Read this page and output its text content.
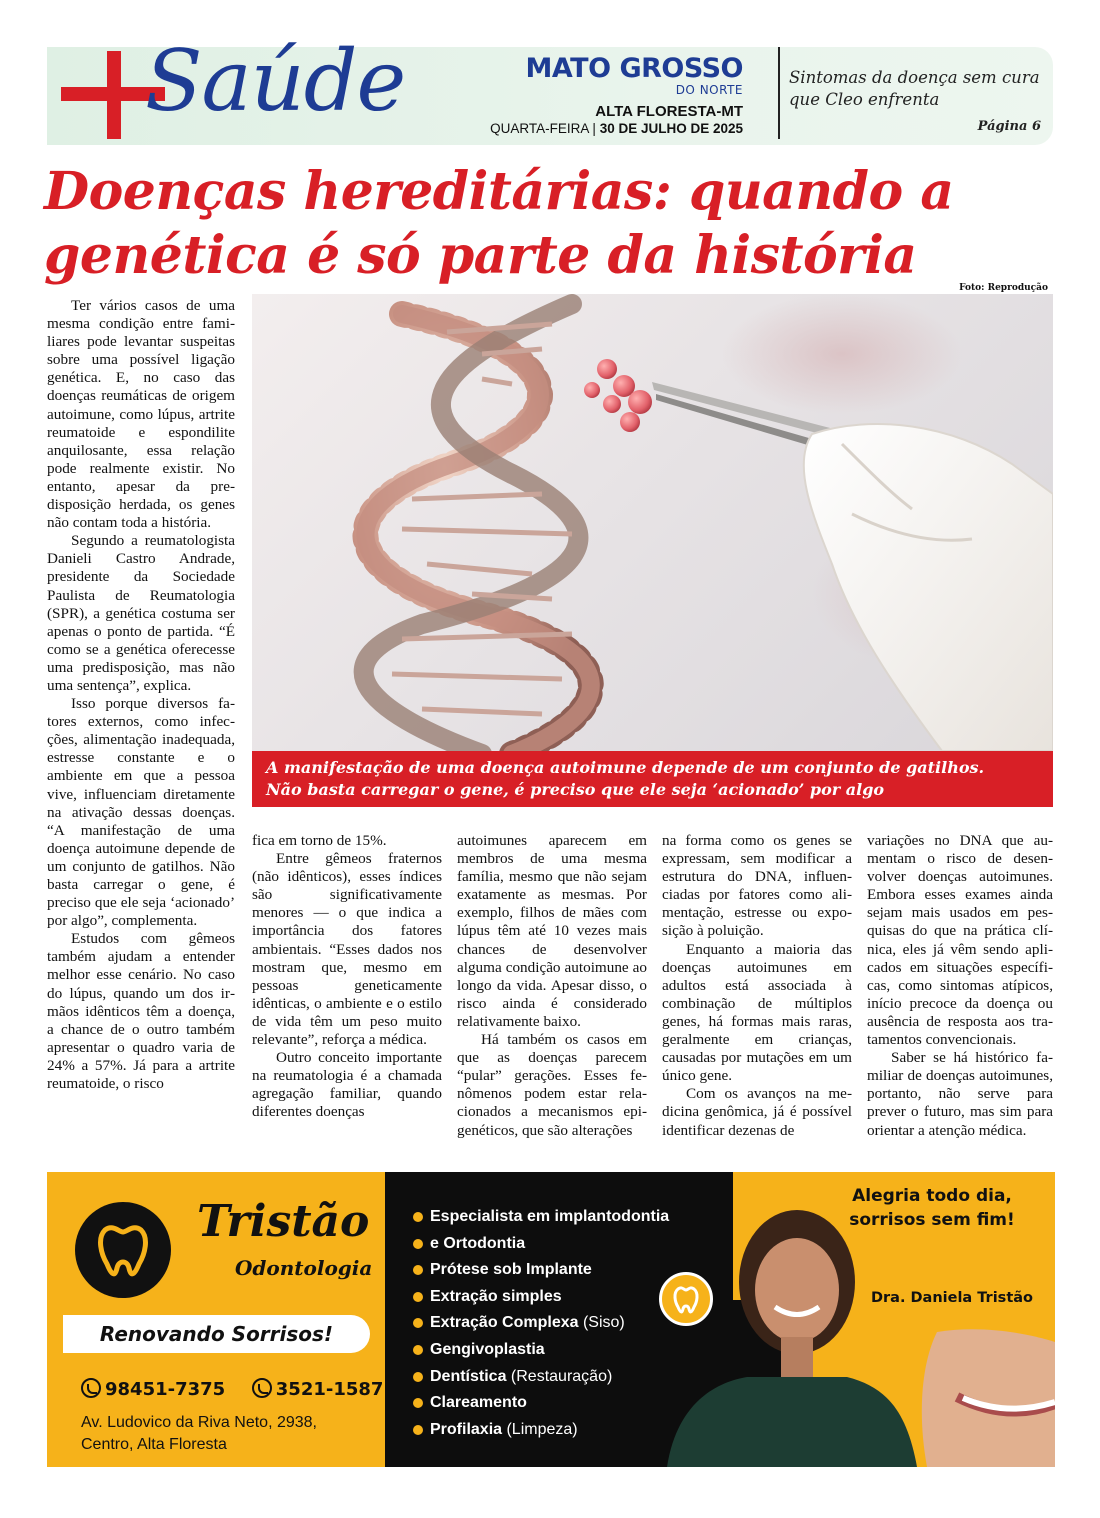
Saúde	MATO GROSSO
DO NORTE
ALTA FLORESTA-MT
QUARTA-FEIRA | 30 DE JULHO DE 2025
Sintomas da doença sem cura que Cleo enfrenta
Página 6
Doenças hereditárias: quando a
genética é só parte da história
Foto: Reprodução
A manifestação de uma doença autoimune depende de um conjunto de gatilhos.
Não basta carregar o gene, é preciso que ele seja ‘acionado’ por algo

Ter vários casos de uma mesma condição entre familiares pode levantar suspeitas sobre uma possível ligação genética. E, no caso das doenças reumáticas de origem autoimune, como lúpus, artrite reumatoide e espondilite anquilosante, essa relação pode realmente existir. No entanto, apesar da predisposição herdada, os genes não contam toda a história.

Segundo a reumatologista Danieli Castro Andrade, presidente da Sociedade Paulista de Reumatologia (SPR), a genética costuma ser apenas o ponto de partida. “É como se a genética oferecesse uma predisposição, mas não uma sentença”, explica.

Isso porque diversos fatores externos, como infecções, alimentação inadequada, estresse constante e o ambiente em que a pessoa vive, influenciam diretamente na ativação dessas doenças. “A manifestação de uma doença autoimune depende de um conjunto de gatilhos. Não basta carregar o gene, é preciso que ele seja ‘acionado’ por algo”, complementa.

Estudos com gêmeos também ajudam a entender melhor esse cenário. No caso do lúpus, quando um dos irmãos idênticos têm a doença, a chance de o outro também apresentar o quadro varia de 24% a 57%. Já para a artrite reumatoide, o risco

fica em torno de 15%.

Entre gêmeos fraternos (não idênticos), esses índices são significativamente menores — o que indica a importância dos fatores ambientais. “Esses dados nos mostram que, mesmo em pessoas geneticamente idênticas, o ambiente e o estilo de vida têm um peso muito relevante”, reforça a médica.

Outro conceito importante na reumatologia é a chamada agregação familiar, quando diferentes doenças

autoimunes aparecem em membros de uma mesma família, mesmo que não sejam exatamente as mesmas. Por exemplo, filhos de mães com lúpus têm até 10 vezes mais chances de desenvolver alguma condição autoimune ao longo da vida. Apesar disso, o risco ainda é considerado relativamente baixo.

Há também os casos em que as doenças parecem “pular” gerações. Esses fenômenos podem estar relacionados a mecanismos epigenéticos, que são alterações

na forma como os genes se expressam, sem modificar a estrutura do DNA, influenciadas por fatores como alimentação, estresse ou exposição à poluição.

Enquanto a maioria das doenças autoimunes em adultos está associada à combinação de múltiplos genes, há formas mais raras, geralmente em crianças, causadas por mutações em um único gene.

Com os avanços na medicina genômica, já é possível identificar dezenas de

variações no DNA que aumentam o risco de desenvolver doenças autoimunes. Embora esses exames ainda sejam mais usados em pesquisas do que na prática clínica, eles já vêm sendo aplicados em situações específicas, como sintomas atípicos, início precoce da doença ou ausência de resposta aos tratamentos convencionais.

Saber se há histórico familiar de doenças autoimunes, portanto, não serve para prever o futuro, mas sim para orientar a atenção médica.

Tristão
Odontologia
Renovando Sorrisos!
98451-7375	3521-1587
Av. Ludovico da Riva Neto, 2938,
Centro, Alta Floresta
Especialista em implantodontia
e Ortodontia
Prótese sob Implante
Extração simples
Extração Complexa (Siso)
Gengivoplastia
Dentística (Restauração)
Clareamento
Profilaxia (Limpeza)
Alegria todo dia,
sorrisos sem fim!
Dra. Daniela Tristão
